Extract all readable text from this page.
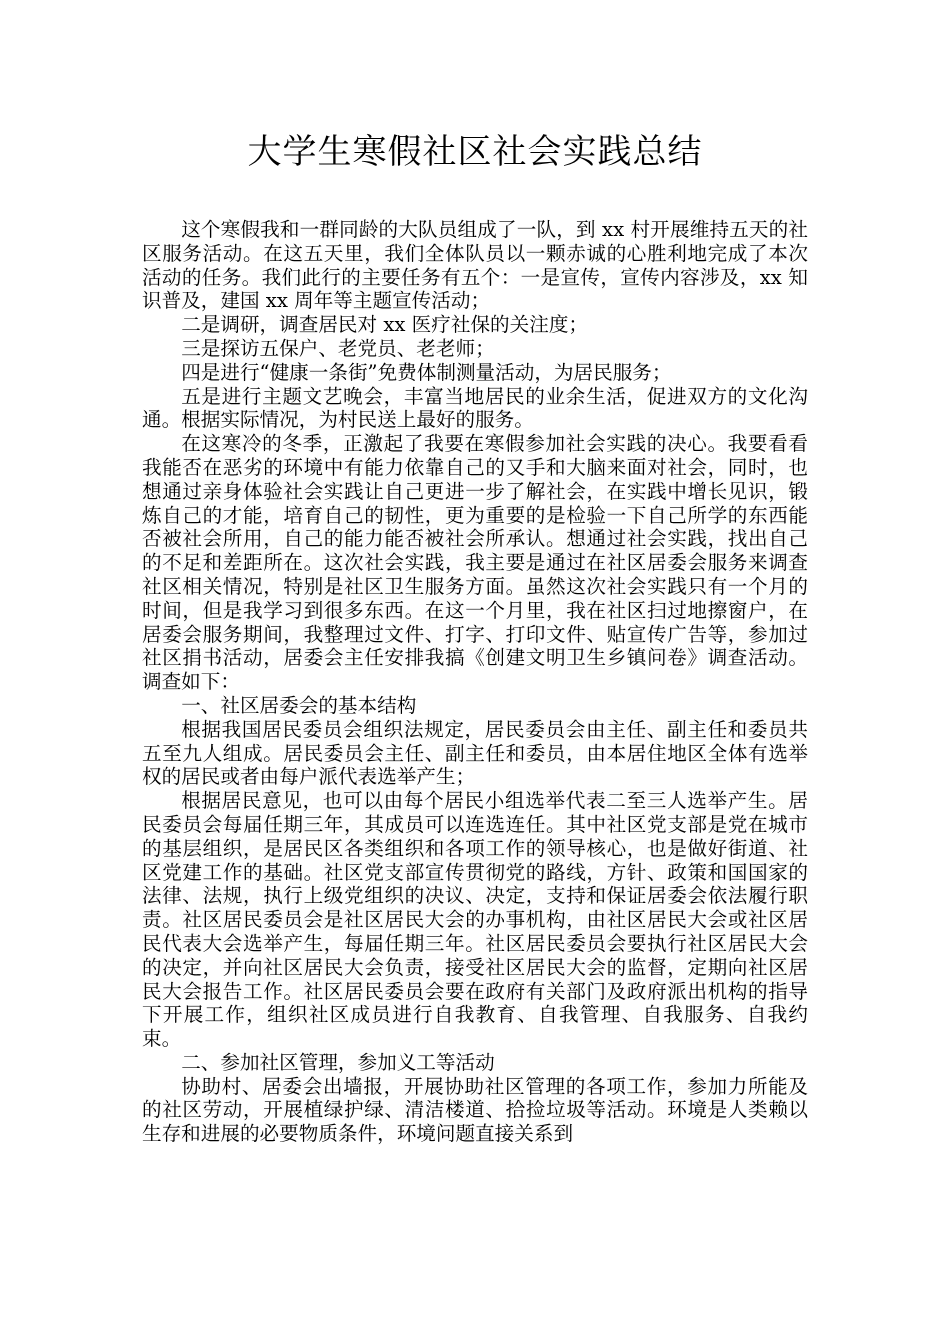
大学生寒假社区社会实践总结

这个寒假我和一群同龄的大队员组成了一队，到 xx 村开展维持五天的社区服务活动。在这五天里，我们全体队员以一颗赤诚的心胜利地完成了本次活动的任务。我们此行的主要任务有五个：一是宣传，宣传内容涉及，xx 知识普及，建国 xx 周年等主题宣传活动；

二是调研，调查居民对 xx 医疗社保的关注度；

三是探访五保户、老党员、老老师；

四是进行“健康一条街”免费体制测量活动，为居民服务；

五是进行主题文艺晚会，丰富当地居民的业余生活，促进双方的文化沟通。根据实际情况，为村民送上最好的服务。

在这寒冷的冬季，正激起了我要在寒假参加社会实践的决心。我要看看我能否在恶劣的环境中有能力依靠自己的又手和大脑来面对社会，同时，也想通过亲身体验社会实践让自己更进一步了解社会，在实践中增长见识，锻炼自己的才能，培育自己的韧性，更为重要的是检验一下自己所学的东西能否被社会所用，自己的能力能否被社会所承认。想通过社会实践，找出自己的不足和差距所在。这次社会实践，我主要是通过在社区居委会服务来调查社区相关情况，特别是社区卫生服务方面。虽然这次社会实践只有一个月的时间，但是我学习到很多东西。在这一个月里，我在社区扫过地擦窗户，在居委会服务期间，我整理过文件、打字、打印文件、贴宣传广告等，参加过社区捐书活动，居委会主任安排我搞《创建文明卫生乡镇问卷》调查活动。调查如下：

一、社区居委会的基本结构

根据我国居民委员会组织法规定，居民委员会由主任、副主任和委员共五至九人组成。居民委员会主任、副主任和委员，由本居住地区全体有选举权的居民或者由每户派代表选举产生；

根据居民意见，也可以由每个居民小组选举代表二至三人选举产生。居民委员会每届任期三年，其成员可以连选连任。其中社区党支部是党在城市的基层组织，是居民区各类组织和各项工作的领导核心，也是做好街道、社区党建工作的基础。社区党支部宣传贯彻党的路线，方针、政策和国国家的法律、法规，执行上级党组织的决议、决定，支持和保证居委会依法履行职责。社区居民委员会是社区居民大会的办事机构，由社区居民大会或社区居民代表大会选举产生，每届任期三年。社区居民委员会要执行社区居民大会的决定，并向社区居民大会负责，接受社区居民大会的监督，定期向社区居民大会报告工作。社区居民委员会要在政府有关部门及政府派出机构的指导下开展工作，组织社区成员进行自我教育、自我管理、自我服务、自我约束。

二、参加社区管理，参加义工等活动

协助村、居委会出墙报，开展协助社区管理的各项工作，参加力所能及的社区劳动，开展植绿护绿、清洁楼道、拾捡垃圾等活动。环境是人类赖以生存和进展的必要物质条件，环境问题直接关系到
